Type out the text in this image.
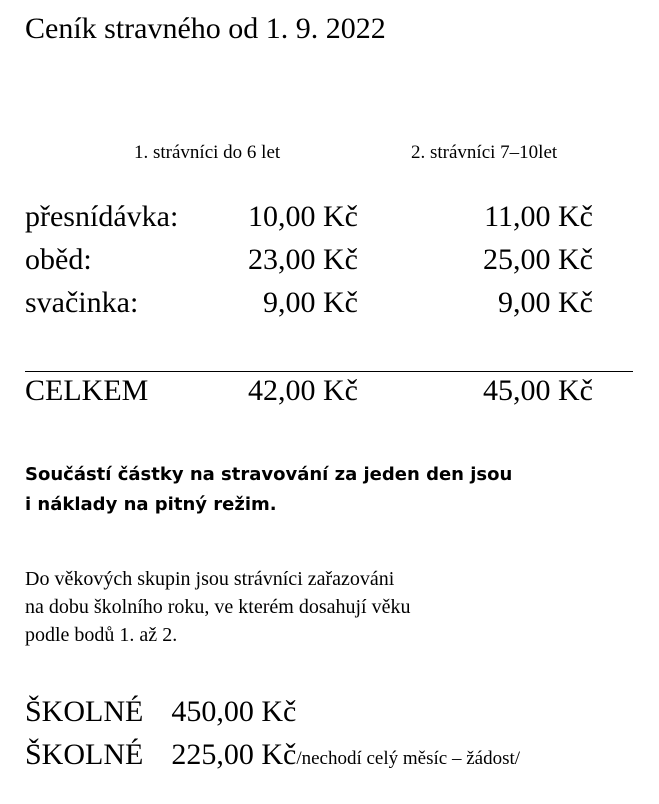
Ceník stravného od 1. 9. 2022
1. strávníci do 6 let	2. strávníci 7–10let
přesnídávka: 10,00 Kč	11,00 Kč
oběd:	23,00 Kč	25,00 Kč
svačinka:	9,00 Kč	9,00 Kč
CELKEM	42,00 Kč	45,00 Kč
Součástí částky na stravování za jeden den jsou
i náklady na pitný režim.
Do věkových skupin jsou strávníci zařazováni
na dobu školního roku, ve kterém dosahují věku
podle bodů 1. až 2.
ŠKOLNÉ 450,00 Kč
ŠKOLNÉ 225,00 Kč/nechodí celý měsíc – žádost/
